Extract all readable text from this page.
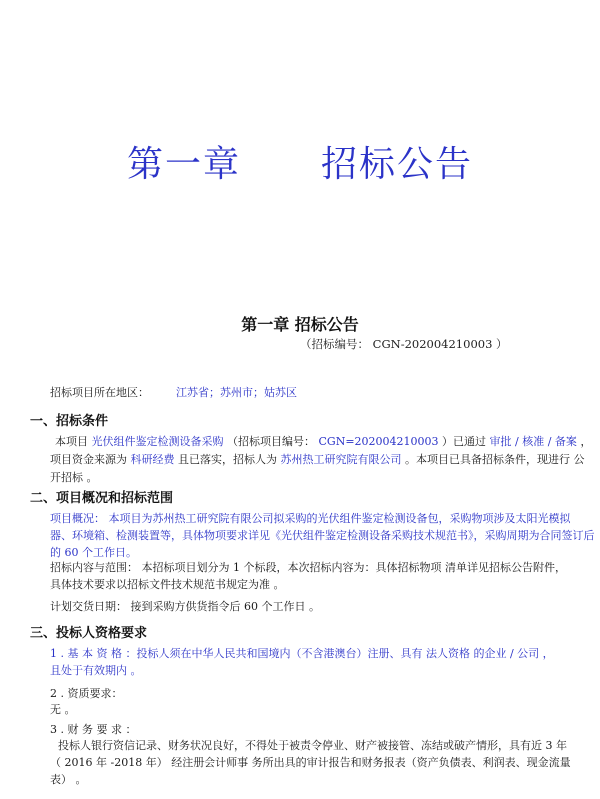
第一章 招标公告
第一章 招标公告
（招标编号： CGN-202004210003 ）
招标项目所在地区： 江苏省；苏州市；姑苏区
一、招标条件
本项目 光伏组件鉴定检测设备采购 （招标项目编号： CGN=202004210003 ）已通过 审批 / 核准 / 备案 ，
项目资金来源为 科研经费 且已落实，招标人为 苏州热工研究院有限公司 。本项目已具备招标条件，现进行 公
开招标 。
二、项目概况和招标范围
项目概况： 本项目为苏州热工研究院有限公司拟采购的光伏组件鉴定检测设备包，采购物项涉及太阳光模拟
器、环境箱、检测装置等，具体物项要求详见《光伏组件鉴定检测设备采购技术规范书》，采购周期为合同签订后
的 60 个工作日。
招标内容与范围： 本招标项目划分为 1 个标段，本次招标内容为：具体招标物项 清单详见招标公告附件，
具体技术要求以招标文件技术规范书规定为准 。
计划交货日期： 接到采购方供货指令后 60 个工作日 。
三、投标人资格要求
1 . 基 本 资 格 ：投标人须在中华人民共和国境内（不含港澳台）注册、具有 法人资格 的企业 / 公司 ，
且处于有效期内 。
2 . 资质要求：
无 。
3 . 财 务 要 求 ：
投标人银行资信记录、财务状况良好，不得处于被责令停业、财产被接管、冻结或破产情形，具有近 3 年
（ 2016 年 -2018 年） 经注册会计师事 务所出具的审计报告和财务报表（资产负债表、利润表、现金流量
表） 。
